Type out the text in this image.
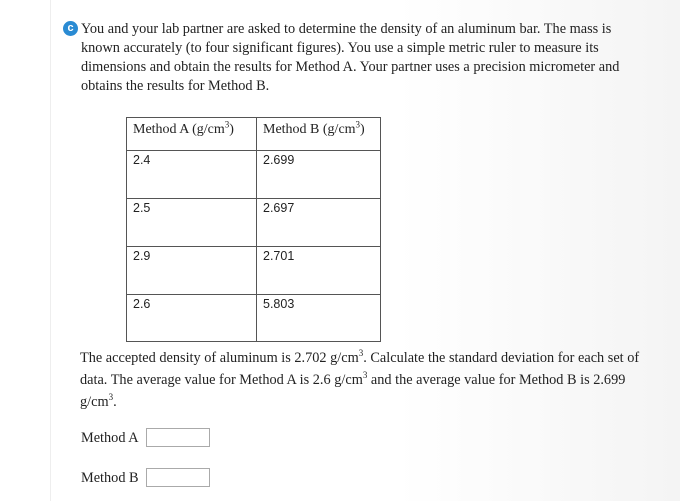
c You and your lab partner are asked to determine the density of an aluminum bar. The mass is known accurately (to four significant figures). You use a simple metric ruler to measure its dimensions and obtain the results for Method A. Your partner uses a precision micrometer and obtains the results for Method B.

Method A $(g/cm^3)$	Method B $(g/cm^3)$
2.4	2.699
2.5	2.697
2.9	2.701
2.6	5.803

The accepted density of aluminum is 2.702 $g/cm^3$. Calculate the standard deviation for each set of data. The average value for Method A is 2.6 $g/cm^3$ and the average value for Method B is 2.699 $g/cm^3$.

Method A
Method B
